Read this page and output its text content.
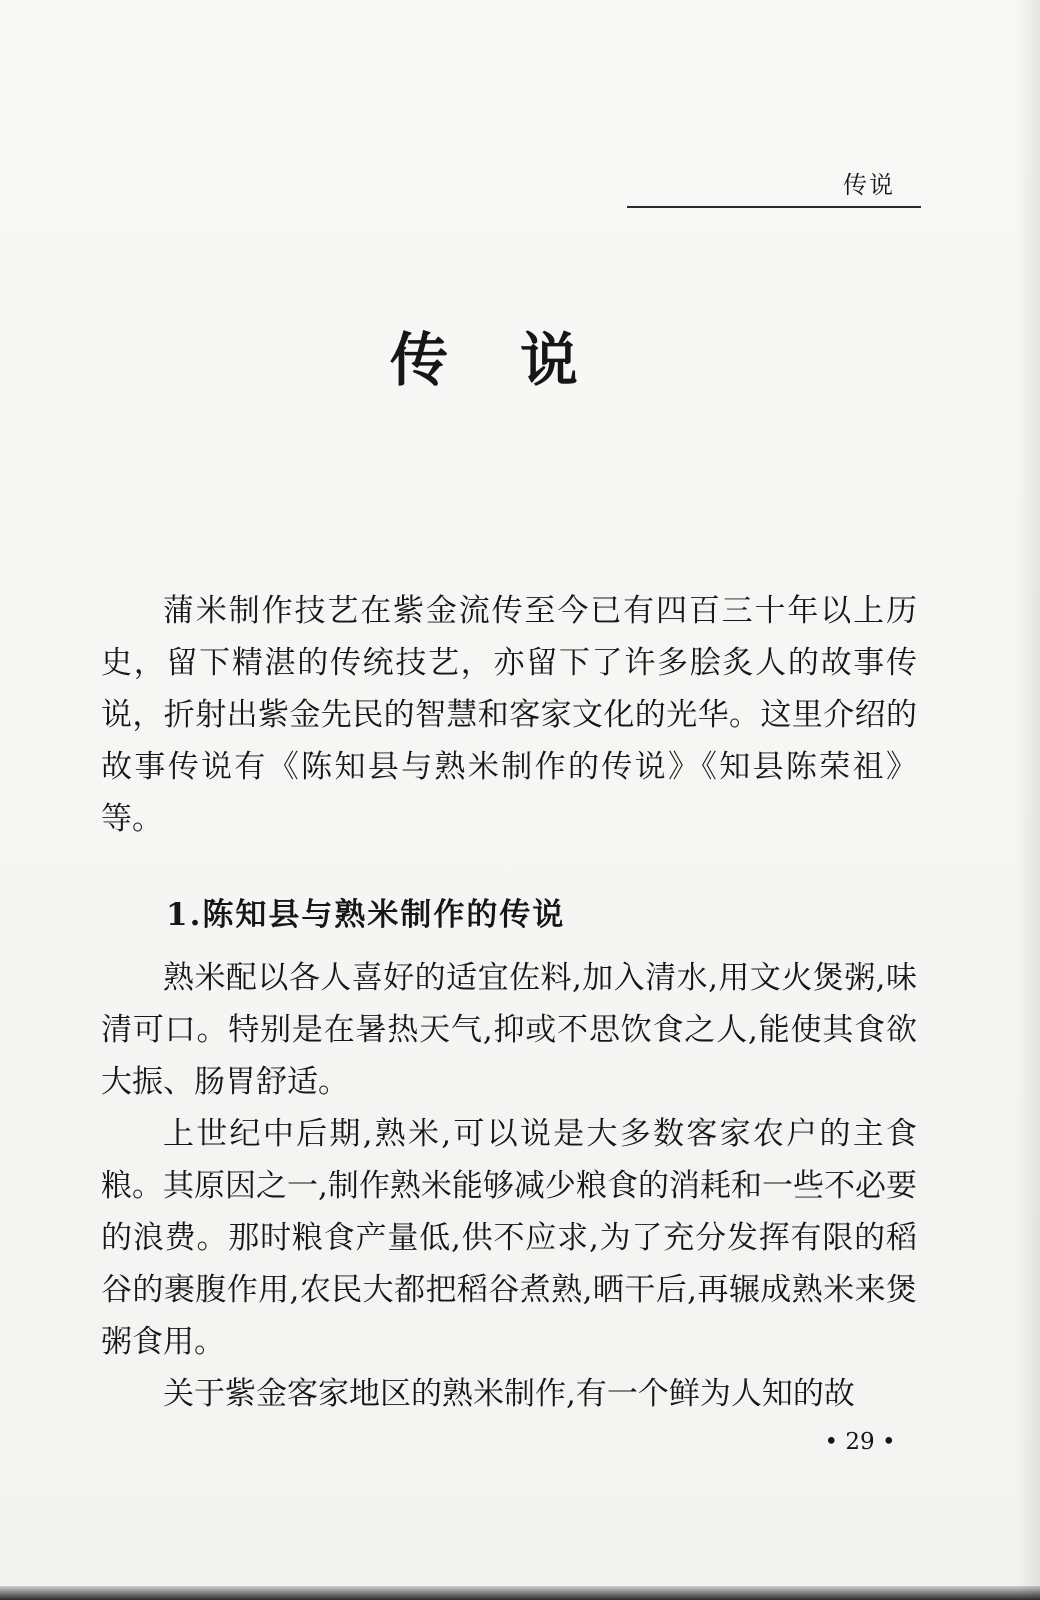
传说
传说

蒲米制作技艺在紫金流传至今已有四百三十年以上历史，留下精湛的传统技艺，亦留下了许多脍炙人的故事传说，折射出紫金先民的智慧和客家文化的光华。这里介绍的故事传说有《陈知县与熟米制作的传说》《知县陈荣祖》等。

1.陈知县与熟米制作的传说

熟米配以各人喜好的适宜佐料,加入清水,用文火煲粥,味清可口。特别是在暑热天气,抑或不思饮食之人,能使其食欲大振、肠胃舒适。

上世纪中后期,熟米,可以说是大多数客家农户的主食粮。其原因之一,制作熟米能够减少粮食的消耗和一些不必要的浪费。那时粮食产量低,供不应求,为了充分发挥有限的稻谷的裹腹作用,农民大都把稻谷煮熟,晒干后,再辗成熟米来煲粥食用。

关于紫金客家地区的熟米制作,有一个鲜为人知的故

• 29 •
